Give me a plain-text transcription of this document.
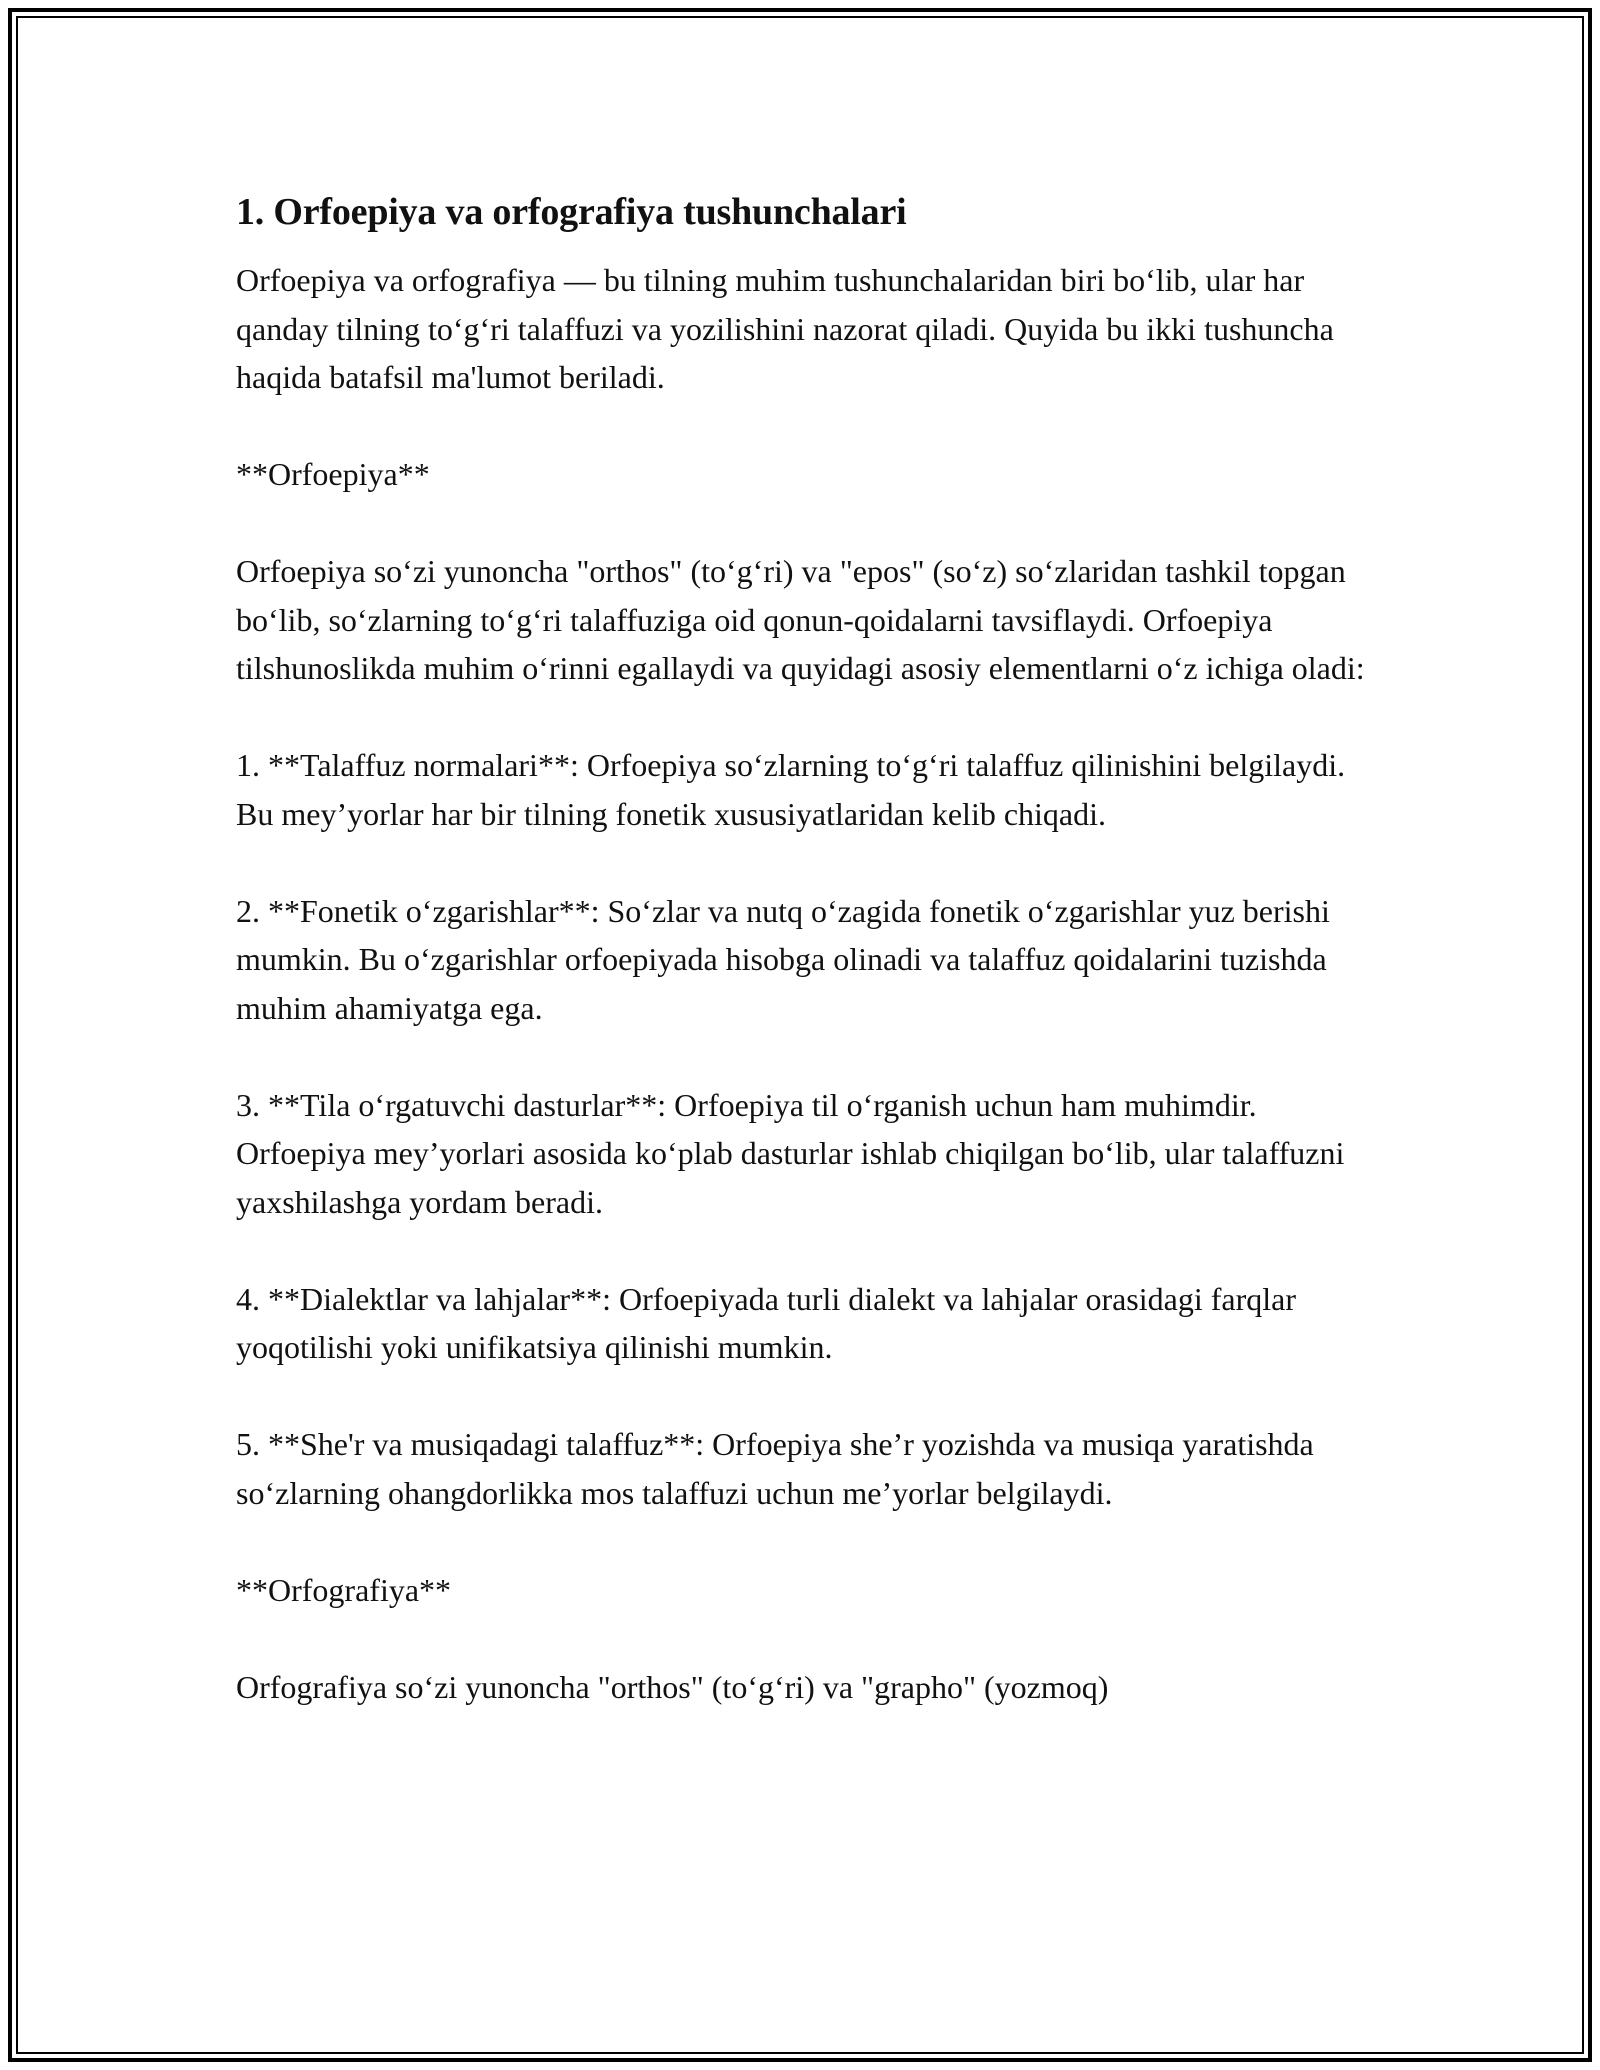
1. Orfoepiya va orfografiya tushunchalari

Orfoepiya va orfografiya — bu tilning muhim tushunchalaridan biri bo‘lib, ular har qanday tilning to‘g‘ri talaffuzi va yozilishini nazorat qiladi. Quyida bu ikki tushuncha haqida batafsil ma'lumot beriladi.

**Orfoepiya**

Orfoepiya so‘zi yunoncha "orthos" (to‘g‘ri) va "epos" (so‘z) so‘zlaridan tashkil topgan bo‘lib, so‘zlarning to‘g‘ri talaffuziga oid qonun-qoidalarni tavsiflaydi. Orfoepiya tilshunoslikda muhim o‘rinni egallaydi va quyidagi asosiy elementlarni o‘z ichiga oladi:

1. **Talaffuz normalari**: Orfoepiya so‘zlarning to‘g‘ri talaffuz qilinishini belgilaydi. Bu mey’yorlar har bir tilning fonetik xususiyatlaridan kelib chiqadi.

2. **Fonetik o‘zgarishlar**: So‘zlar va nutq o‘zagida fonetik o‘zgarishlar yuz berishi mumkin. Bu o‘zgarishlar orfoepiyada hisobga olinadi va talaffuz qoidalarini tuzishda muhim ahamiyatga ega.

3. **Tila o‘rgatuvchi dasturlar**: Orfoepiya til o‘rganish uchun ham muhimdir. Orfoepiya mey’yorlari asosida ko‘plab dasturlar ishlab chiqilgan bo‘lib, ular talaffuzni yaxshilashga yordam beradi.

4. **Dialektlar va lahjalar**: Orfoepiyada turli dialekt va lahjalar orasidagi farqlar yoqotilishi yoki unifikatsiya qilinishi mumkin.

5. **She'r va musiqadagi talaffuz**: Orfoepiya she’r yozishda va musiqa yaratishda so‘zlarning ohangdorlikka mos talaffuzi uchun me’yorlar belgilaydi.

**Orfografiya**

Orfografiya so‘zi yunoncha "orthos" (to‘g‘ri) va "grapho" (yozmoq)
